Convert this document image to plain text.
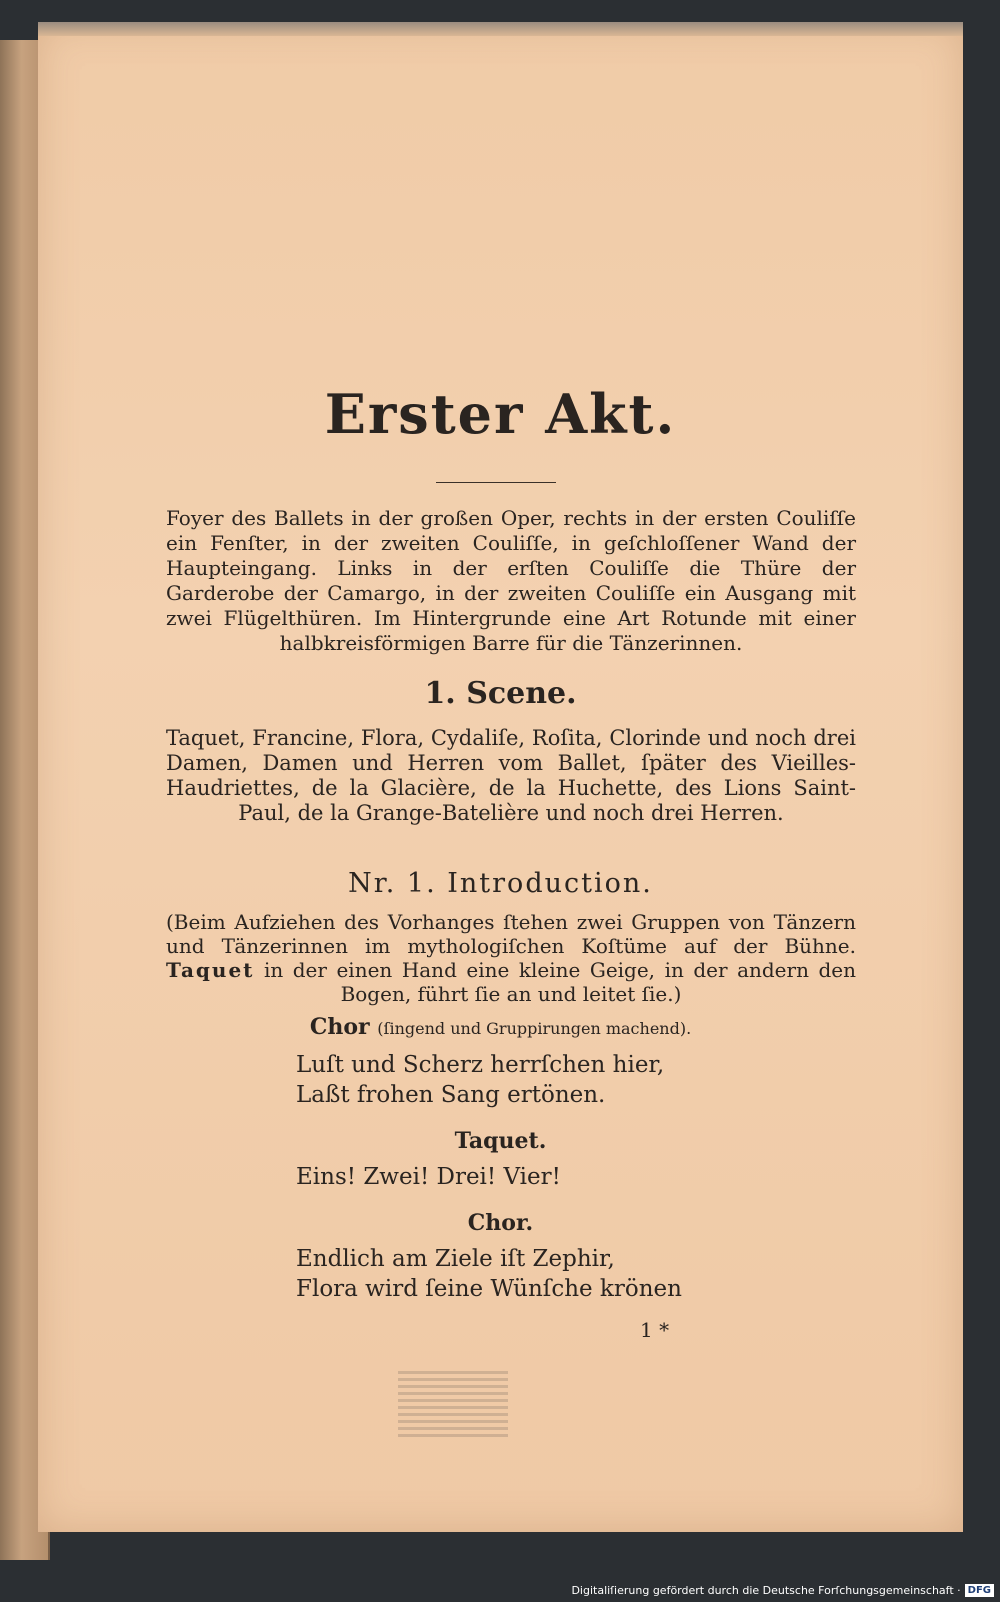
Erster Akt.
Foyer des Ballets in der großen Oper, rechts in der ersten Couliſſe ein Fenſter, in der zweiten Couliſſe, in geſchloſſener Wand der Haupteingang. Links in der erſten Couliſſe die Thüre der Garderobe der Camargo, in der zweiten Couliſſe ein Ausgang mit zwei Flügelthüren. Im Hintergrunde eine Art Rotunde mit einer halbkreisförmigen Barre für die Tänzerinnen.
1. Scene.
Taquet, Francine, Flora, Cydaliſe, Roſita, Clorinde und noch drei Damen, Damen und Herren vom Ballet, ſpäter des Vieilles-Haudriettes, de la Glacière, de la Huchette, des Lions Saint-Paul, de la Grange-Batelière und noch drei Herren.
Nr. 1. Introduction.
(Beim Aufziehen des Vorhanges ſtehen zwei Gruppen von Tänzern und Tänzerinnen im mythologiſchen Koſtüme auf der Bühne. Taquet in der einen Hand eine kleine Geige, in der andern den Bogen, führt ſie an und leitet ſie.)
Chor (ſingend und Gruppirungen machend).
Luſt und Scherz herrſchen hier,
Laßt frohen Sang ertönen.
Taquet.
Eins! Zwei! Drei! Vier!
Chor.
Endlich am Ziele iſt Zephir,
Flora wird ſeine Wünſche krönen
1 *
Digitaliſierung gefördert durch die Deutsche Forſchungsgemeinschaft · DFG
